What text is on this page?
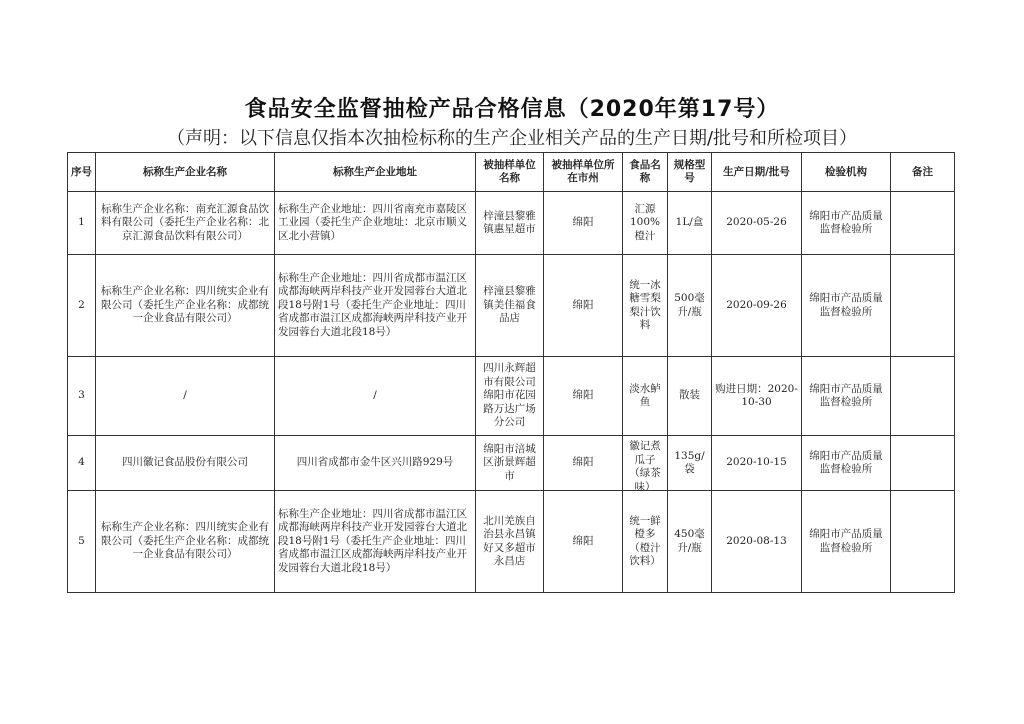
食品安全监督抽检产品合格信息（2020年第17号）
（声明：以下信息仅指本次抽检标称的生产企业相关产品的生产日期/批号和所检项目）
序号	标称生产企业名称	标称生产企业地址	被抽样单位名称	被抽样单位所在市州	食品名称	规格型号	生产日期/批号	检验机构	备注
1	标称生产企业名称：南充汇源食品饮料有限公司（委托生产企业名称：北京汇源食品饮料有限公司）	标称生产企业地址：四川省南充市嘉陵区工业园（委托生产企业地址：北京市顺义区北小营镇）	梓潼县黎雅镇惠星超市	绵阳	汇源100%橙汁	1L/盒	2020-05-26	绵阳市产品质量监督检验所	
2	标称生产企业名称：四川统实企业有限公司（委托生产企业名称：成都统一企业食品有限公司）	标称生产企业地址：四川省成都市温江区成都海峡两岸科技产业开发园蓉台大道北段18号附1号（委托生产企业地址：四川省成都市温江区成都海峡两岸科技产业开发园蓉台大道北段18号）	梓潼县黎雅镇美佳福食品店	绵阳	统一冰糖雪梨梨汁饮料	500毫升/瓶	2020-09-26	绵阳市产品质量监督检验所	
3	/	/	四川永辉超市有限公司绵阳市花园路万达广场分公司	绵阳	淡水鲈鱼	散装	购进日期：2020-10-30	绵阳市产品质量监督检验所	
4	四川徽记食品股份有限公司	四川省成都市金牛区兴川路929号	绵阳市涪城区浙景辉超市	绵阳	徽记煮瓜子（绿茶味）	135g/袋	2020-10-15	绵阳市产品质量监督检验所	
5	标称生产企业名称：四川统实企业有限公司（委托生产企业名称：成都统一企业食品有限公司）	标称生产企业地址：四川省成都市温江区成都海峡两岸科技产业开发园蓉台大道北段18号附1号（委托生产企业地址：四川省成都市温江区成都海峡两岸科技产业开发园蓉台大道北段18号）	北川羌族自治县永昌镇好又多超市永昌店	绵阳	统一鲜橙多（橙汁饮料）	450毫升/瓶	2020-08-13	绵阳市产品质量监督检验所	
